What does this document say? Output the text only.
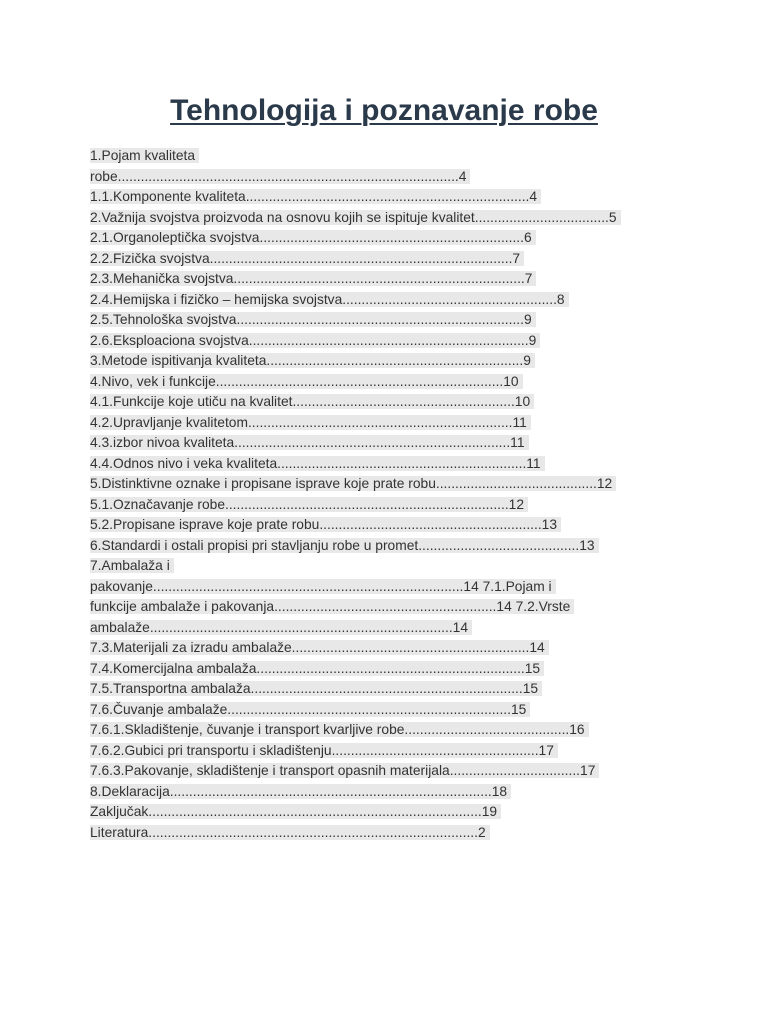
Tehnologija i poznavanje robe
1.Pojam kvaliteta
robe.........................................................................................4
1.1.Komponente kvaliteta..........................................................................4
2.Važnija svojstva proizvoda na osnovu kojih se ispituje kvalitet...................................5
2.1.Organoleptička svojstva.....................................................................6
2.2.Fizička svojstva...............................................................................7
2.3.Mehanička svojstva............................................................................7
2.4.Hemijska i fizičko – hemijska svojstva........................................................8
2.5.Tehnološka svojstva...........................................................................9
2.6.Eksploaciona svojstva.........................................................................9
3.Metode ispitivanja kvaliteta...................................................................9
4.Nivo, vek i funkcije...........................................................................10
4.1.Funkcije koje utiču na kvalitet..........................................................10
4.2.Upravljanje kvalitetom.....................................................................11
4.3.izbor nivoa kvaliteta........................................................................11
4.4.Odnos nivo i veka kvaliteta.................................................................11
5.Distinktivne oznake i propisane isprave koje prate robu..........................................12
5.1.Označavanje robe..........................................................................12
5.2.Propisane isprave koje prate robu..........................................................13
6.Standardi i ostali propisi pri stavljanju robe u promet..........................................13
7.Ambalaža i
pakovanje.................................................................................14 7.1.Pojam i
funkcije ambalaže i pakovanja..........................................................14 7.2.Vrste
ambalaže...............................................................................14
7.3.Materijali za izradu ambalaže..............................................................14
7.4.Komercijalna ambalaža......................................................................15
7.5.Transportna ambalaža.......................................................................15
7.6.Čuvanje ambalaže..........................................................................15
7.6.1.Skladištenje, čuvanje i transport kvarljive robe...........................................16
7.6.2.Gubici pri transportu i skladištenju......................................................17
7.6.3.Pakovanje, skladištenje i transport opasnih materijala..................................17
8.Deklaracija....................................................................................18
Zaključak.......................................................................................19
Literatura......................................................................................2
